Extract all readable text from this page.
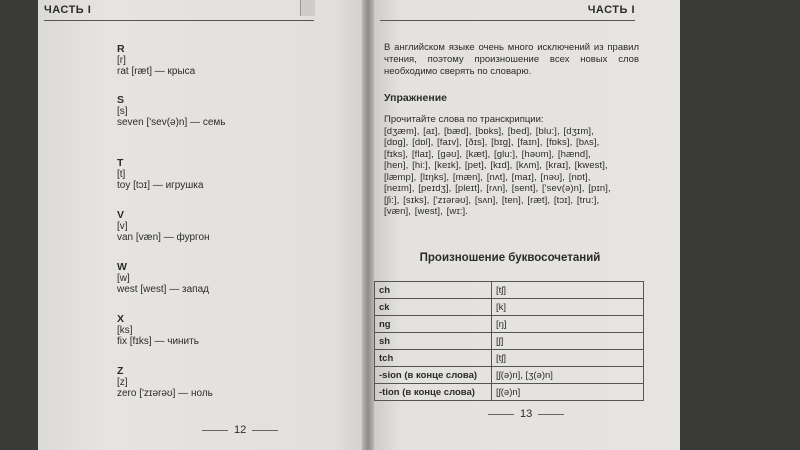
ЧАСТЬ I
R
[r]
rat [ræt] — крыса
S
[s]
seven ['sev(ə)n] — семь
T
[t]
toy [tɔɪ] — игрушка
V
[v]
van [væn] — фургон
W
[w]
west [west] — запад
X
[ks]
fix [fɪks] — чинить
Z
[z]
zero ['zɪərəʊ] — ноль
12
ЧАСТЬ I
В английском языке очень много исключений из правил чтения, поэтому произношение всех новых слов необходимо сверять по словарю.
Упражнение
Прочитайте слова по транскрипции:
[dʒæm], [aɪ], [bæd], [bɒks], [bed], [blu:], [dʒɪm],
[dɒg], [dɒl], [faɪv], [ðɪs], [bɪg], [faɪn], [fɒks], [bʌs],
[fɪks], [flaɪ], [gəʊ], [kæt], [glu:], [həʊm], [hænd],
[hen], [hi:], [keɪk], [pet], [kɪd], [kʌm], [kraɪ], [kwest],
[læmp], [lɪŋks], [mæn], [nʌt], [maɪ], [nəʊ], [nɒt],
[neɪm], [peɪdʒ], [pleɪt], [rʌn], [sent], ['sev(ə)n], [pɪn],
[ʃi:], [sɪks], ['zɪərəʊ], [sʌn], [ten], [ræt], [tɔɪ], [tru:],
[væn], [west], [wɪ:].
Произношение буквосочетаний
ch	[tʃ]
ck	[k]
ng	[ŋ]
sh	[ʃ]
tch	[tʃ]
-sion (в конце слова)	[ʃ(ə)n], [ʒ(ə)n]
-tion (в конце слова)	[ʃ(ə)n]
13
